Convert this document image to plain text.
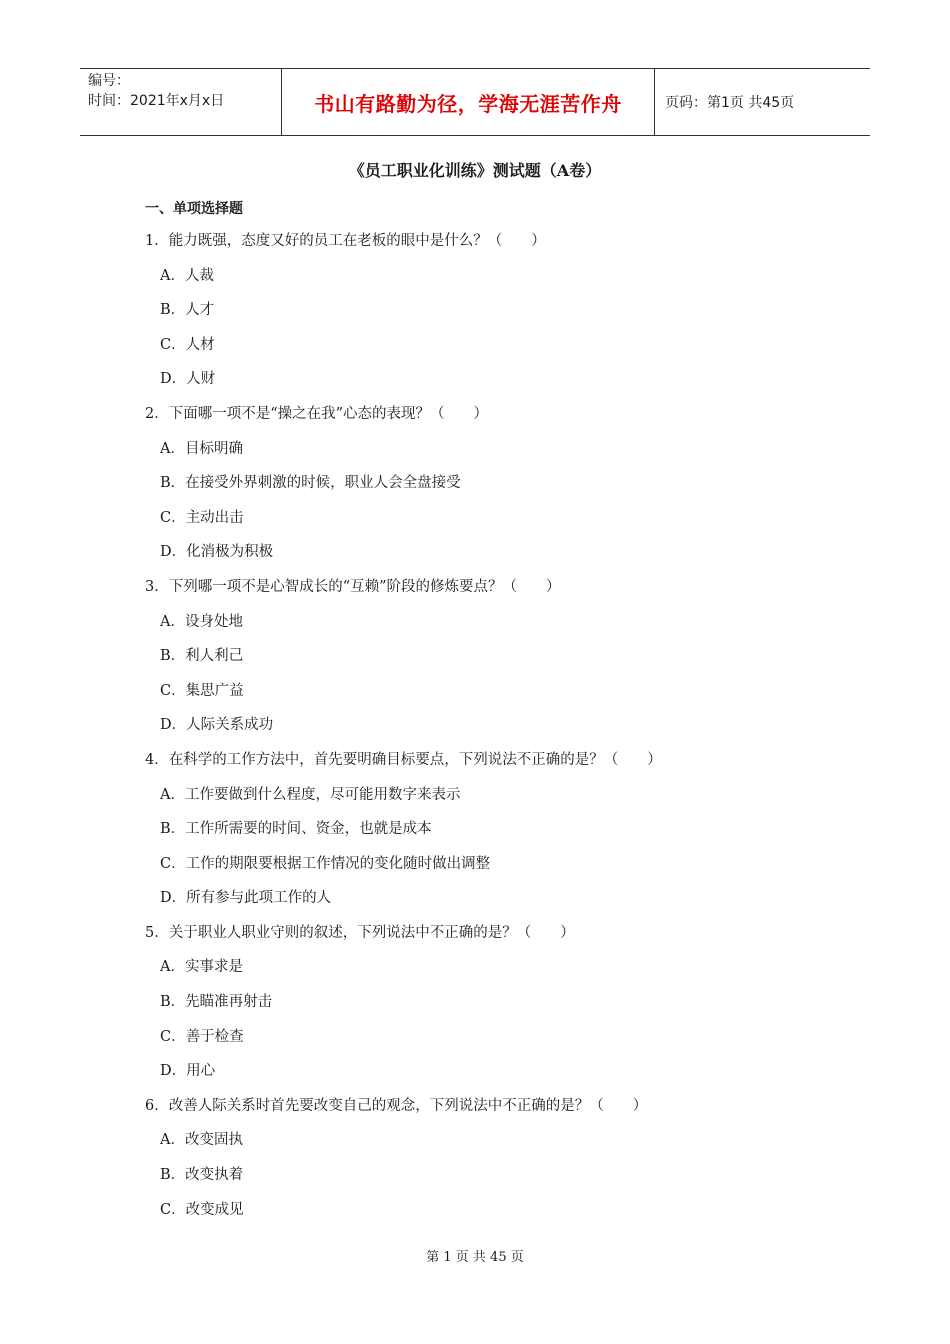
编号：
时间：2021年x月x日	书山有路勤为径，学海无涯苦作舟	页码：第1页 共45页
《员工职业化训练》测试题（A卷）
一、单项选择题
1．能力既强，态度又好的员工在老板的眼中是什么？（　　）
A．人裁
B．人才
C．人材
D．人财
2．下面哪一项不是“操之在我”心态的表现？（　　）
A．目标明确
B．在接受外界刺激的时候，职业人会全盘接受
C．主动出击
D．化消极为积极
3．下列哪一项不是心智成长的“互赖”阶段的修炼要点？（　　）
A．设身处地
B．利人利己
C．集思广益
D．人际关系成功
4．在科学的工作方法中，首先要明确目标要点，下列说法不正确的是？（　　）
A．工作要做到什么程度，尽可能用数字来表示
B．工作所需要的时间、资金，也就是成本
C．工作的期限要根据工作情况的变化随时做出调整
D．所有参与此项工作的人
5．关于职业人职业守则的叙述，下列说法中不正确的是？（　　）
A．实事求是
B．先瞄准再射击
C．善于检查
D．用心
6．改善人际关系时首先要改变自己的观念，下列说法中不正确的是？（　　）
A．改变固执
B．改变执着
C．改变成见
第 1 页 共 45 页
